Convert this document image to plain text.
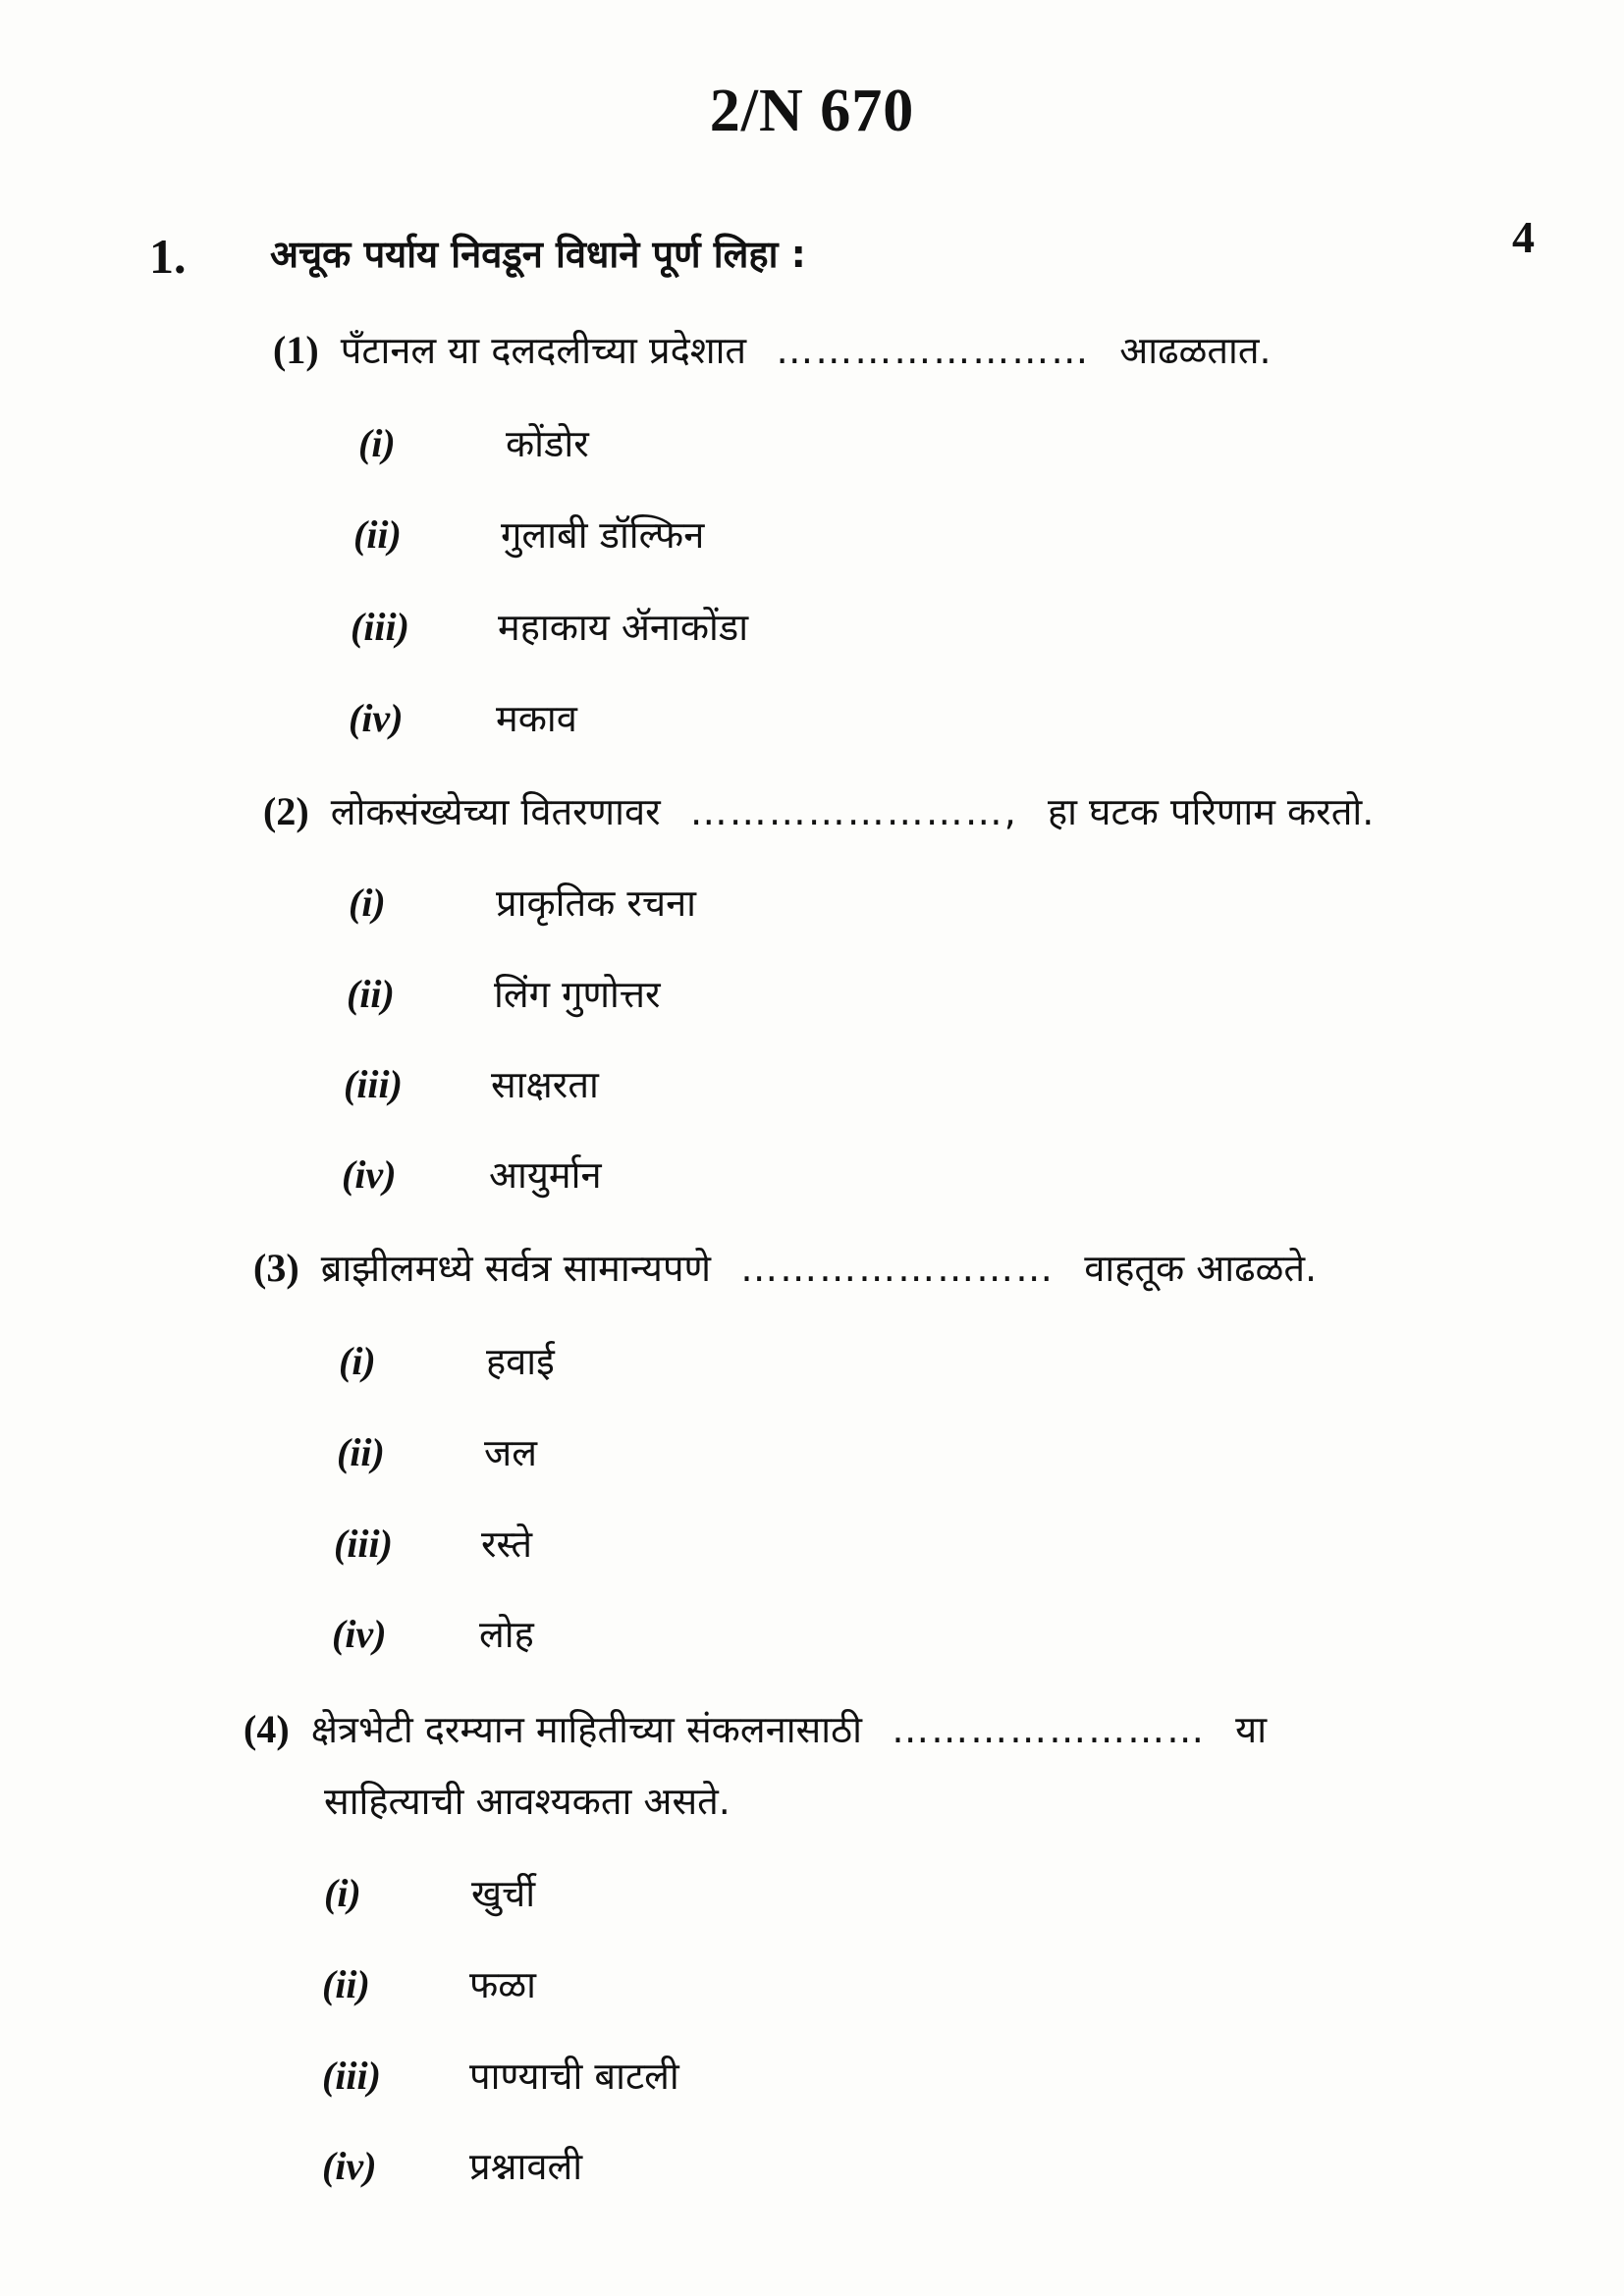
2/N 670
1. अचूक पर्याय निवडून विधाने पूर्ण लिहा :	4
(1) पँटानल या दलदलीच्या प्रदेशात …………………… आढळतात.
(i)	कोंडोर
(ii)	गुलाबी डॉल्फिन
(iii) महाकाय ॲनाकोंडा
(iv) मकाव
(2) लोकसंख्येच्या वितरणावर ……………………, हा घटक परिणाम करतो.
(i)	प्राकृतिक रचना
(ii)	लिंग गुणोत्तर
(iii) साक्षरता
(iv) आयुर्मान
(3) ब्राझीलमध्ये सर्वत्र सामान्यपणे …………………… वाहतूक आढळते.
(i)	हवाई
(ii)	जल
(iii) रस्ते
(iv) लोह
(4) क्षेत्रभेटी दरम्यान माहितीच्या संकलनासाठी …………………… या
साहित्याची आवश्यकता असते.
(i)	खुर्ची
(ii)	फळा
(iii) पाण्याची बाटली
(iv) प्रश्नावली
